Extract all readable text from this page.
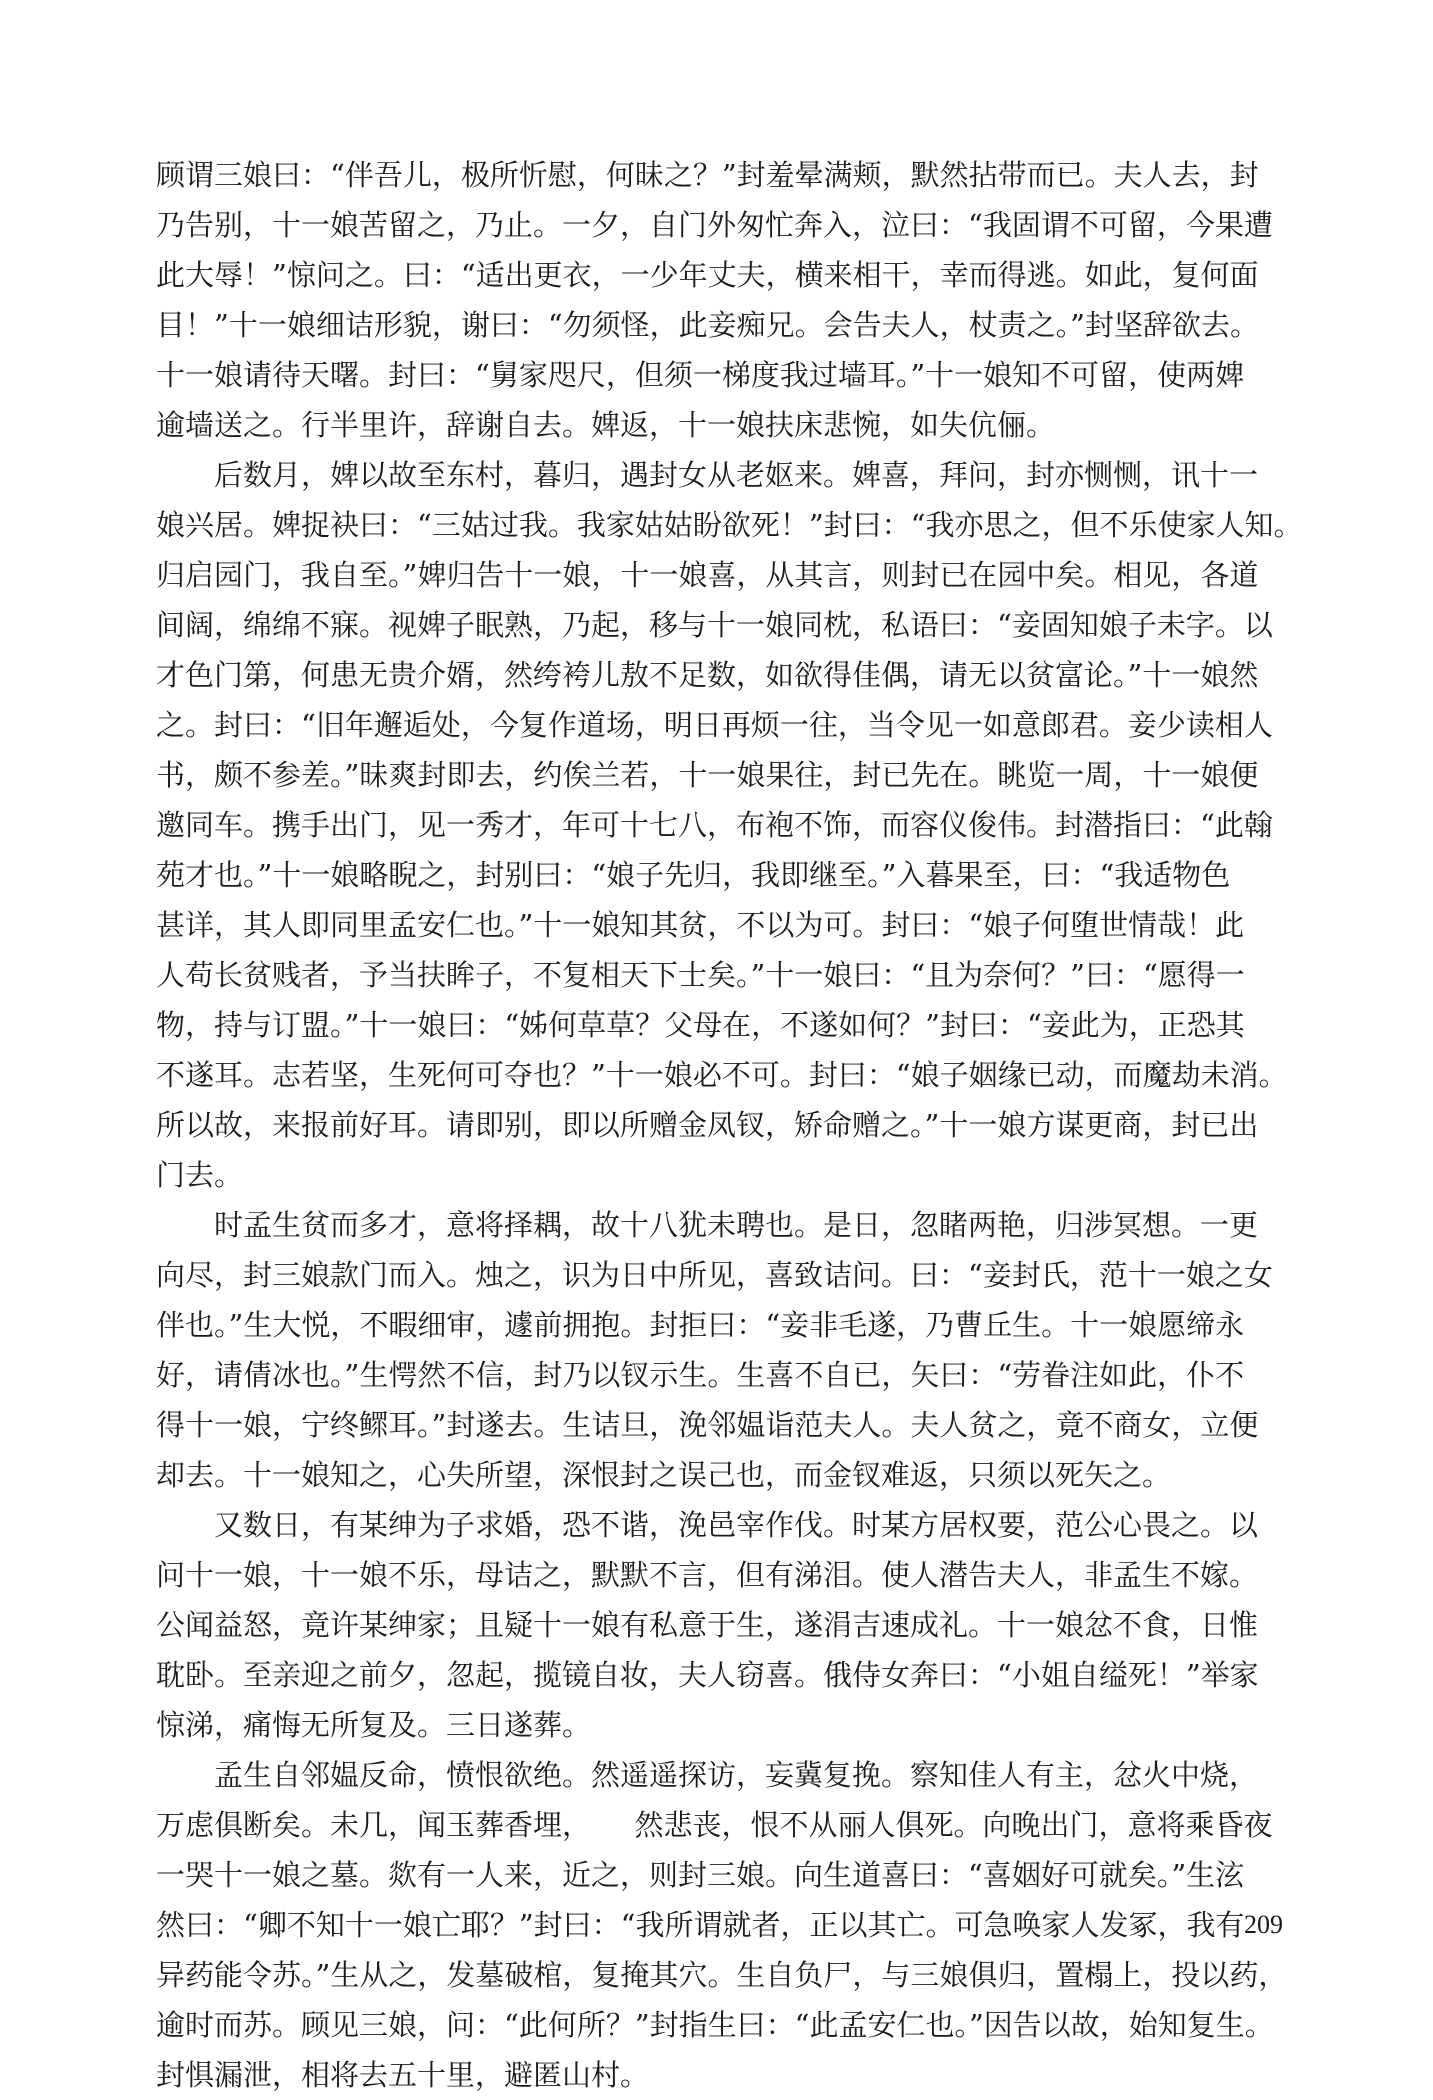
顾谓三娘曰：“伴吾儿，极所忻慰，何昧之？”封羞晕满颊，默然拈带而已。夫人去，封
乃告别，十一娘苦留之，乃止。一夕，自门外匆忙奔入，泣曰：“我固谓不可留，今果遭
此大辱！”惊问之。曰：“适出更衣，一少年丈夫，横来相干，幸而得逃。如此，复何面
目！”十一娘细诘形貌，谢曰：“勿须怪，此妾痴兄。会告夫人，杖责之。”封坚辞欲去。
十一娘请待天曙。封曰：“舅家咫尺，但须一梯度我过墙耳。”十一娘知不可留，使两婢
逾墙送之。行半里许，辞谢自去。婢返，十一娘扶床悲惋，如失伉俪。
　　后数月，婢以故至东村，暮归，遇封女从老妪来。婢喜，拜问，封亦恻恻，讯十一
娘兴居。婢捉袂曰：“三姑过我。我家姑姑盼欲死！”封曰：“我亦思之，但不乐使家人知。
归启园门，我自至。”婢归告十一娘，十一娘喜，从其言，则封已在园中矣。相见，各道
间阔，绵绵不寐。视婢子眠熟，乃起，移与十一娘同枕，私语曰：“妾固知娘子未字。以
才色门第，何患无贵介婿，然绔袴儿敖不足数，如欲得佳偶，请无以贫富论。”十一娘然
之。封曰：“旧年邂逅处，今复作道场，明日再烦一往，当令见一如意郎君。妾少读相人
书，颇不参差。”昧爽封即去，约俟兰若，十一娘果往，封已先在。眺览一周，十一娘便
邀同车。携手出门，见一秀才，年可十七八，布袍不饰，而容仪俊伟。封潜指曰：“此翰
苑才也。”十一娘略睨之，封别曰：“娘子先归，我即继至。”入暮果至，曰：“我适物色
甚详，其人即同里孟安仁也。”十一娘知其贫，不以为可。封曰：“娘子何堕世情哉！此
人苟长贫贱者，予当扶眸子，不复相天下士矣。”十一娘曰：“且为奈何？”曰：“愿得一
物，持与订盟。”十一娘曰：“姊何草草？父母在，不遂如何？”封曰：“妾此为，正恐其
不遂耳。志若坚，生死何可夺也？”十一娘必不可。封曰：“娘子姻缘已动，而魔劫未消。
所以故，来报前好耳。请即别，即以所赠金凤钗，矫命赠之。”十一娘方谋更商，封已出
门去。
　　时孟生贫而多才，意将择耦，故十八犹未聘也。是日，忽睹两艳，归涉冥想。一更
向尽，封三娘款门而入。烛之，识为日中所见，喜致诘问。曰：“妾封氏，范十一娘之女
伴也。”生大悦，不暇细审，遽前拥抱。封拒曰：“妾非毛遂，乃曹丘生。十一娘愿缔永
好，请倩冰也。”生愕然不信，封乃以钗示生。生喜不自已，矢曰：“劳眷注如此，仆不
得十一娘，宁终鳏耳。”封遂去。生诘旦，浼邻媪诣范夫人。夫人贫之，竟不商女，立便
却去。十一娘知之，心失所望，深恨封之误己也，而金钗难返，只须以死矢之。
　　又数日，有某绅为子求婚，恐不谐，浼邑宰作伐。时某方居权要，范公心畏之。以
问十一娘，十一娘不乐，母诘之，默默不言，但有涕泪。使人潜告夫人，非孟生不嫁。
公闻益怒，竟许某绅家；且疑十一娘有私意于生，遂涓吉速成礼。十一娘忿不食，日惟
耽卧。至亲迎之前夕，忽起，揽镜自妆，夫人窃喜。俄侍女奔曰：“小姐自缢死！”举家
惊涕，痛悔无所复及。三日遂葬。
　　孟生自邻媪反命，愤恨欲绝。然遥遥探访，妄冀复挽。察知佳人有主，忿火中烧，
万虑俱断矣。未几，闻玉葬香埋，　　然悲丧，恨不从丽人俱死。向晚出门，意将乘昏夜
一哭十一娘之墓。欻有一人来，近之，则封三娘。向生道喜曰：“喜姻好可就矣。”生泫
然曰：“卿不知十一娘亡耶？”封曰：“我所谓就者，正以其亡。可急唤家人发冢，我有
异药能令苏。”生从之，发墓破棺，复掩其穴。生自负尸，与三娘俱归，置榻上，投以药，
逾时而苏。顾见三娘，问：“此何所？”封指生曰：“此孟安仁也。”因告以故，始知复生。
封惧漏泄，相将去五十里，避匿山村。
209
